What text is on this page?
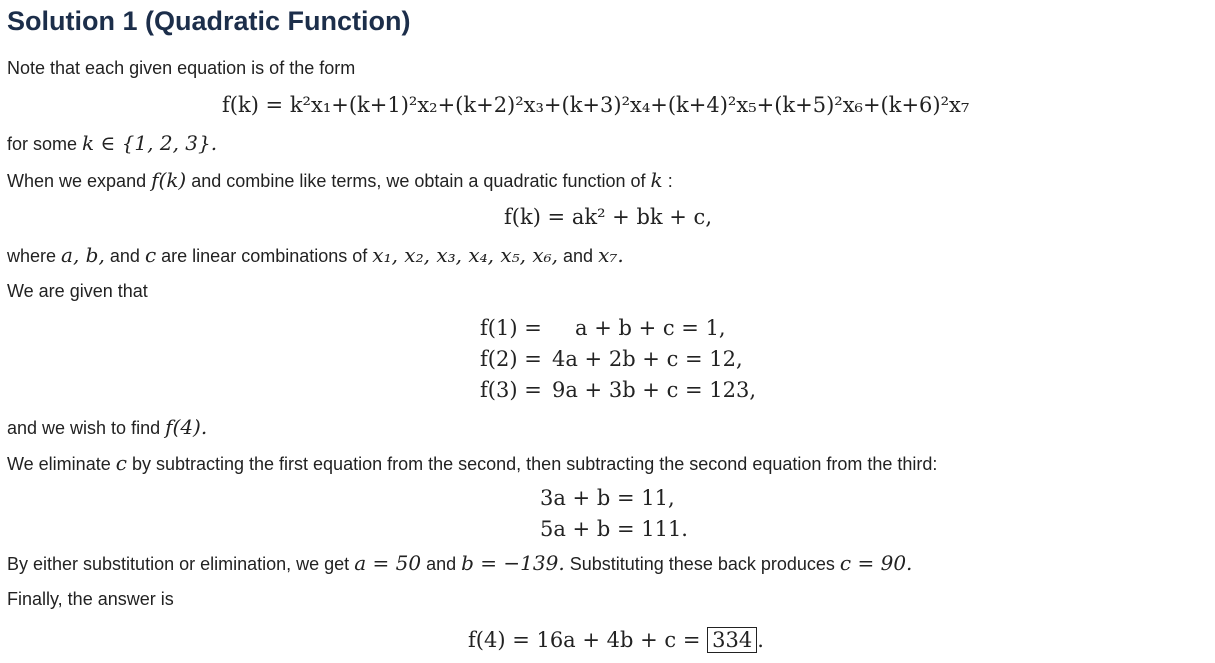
Solution 1 (Quadratic Function)
Note that each given equation is of the form
f(k) = k²x₁+(k+1)²x₂+(k+2)²x₃+(k+3)²x₄+(k+4)²x₅+(k+5)²x₆+(k+6)²x₇
for some k ∈ {1, 2, 3}.
When we expand f(k) and combine like terms, we obtain a quadratic function of k :
f(k) = ak² + bk + c,
where a, b, and c are linear combinations of x₁, x₂, x₃, x₄, x₅, x₆, and x₇.
We are given that
f(1) = a + b + c = 1,
f(2) = 4a + 2b + c = 12,
f(3) = 9a + 3b + c = 123,
and we wish to find f(4).
We eliminate c by subtracting the first equation from the second, then subtracting the second equation from the third:
3a + b = 11,
5a + b = 111.
By either substitution or elimination, we get a = 50 and b = −139. Substituting these back produces c = 90.
Finally, the answer is
f(4) = 16a + 4b + c = 334 .
